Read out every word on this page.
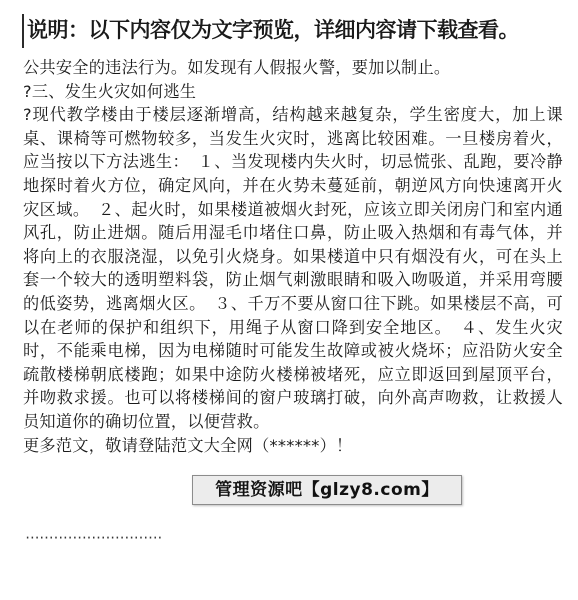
说明：以下内容仅为文字预览，详细内容请下载查看。

公共安全的违法行为。如发现有人假报火警，要加以制止。

?三、发生火灾如何逃生

?现代教学楼由于楼层逐渐增高，结构越来越复杂，学生密度大，加上课桌、课椅等可燃物较多，当发生火灾时，逃离比较困难。一旦楼房着火，应当按以下方法逃生：　１、当发现楼内失火时，切忌慌张、乱跑，要冷静地探时着火方位，确定风向，并在火势未蔓延前，朝逆风方向快速离开火灾区域。　２、起火时，如果楼道被烟火封死，应该立即关闭房门和室内通风孔，防止进烟。随后用湿毛巾堵住口鼻，防止吸入热烟和有毒气体，并将向上的衣服浇湿，以免引火烧身。如果楼道中只有烟没有火，可在头上套一个较大的透明塑料袋，防止烟气刺激眼睛和吸入吻吸道，并采用弯腰的低姿势，逃离烟火区。　３、千万不要从窗口往下跳。如果楼层不高，可以在老师的保护和组织下，用绳子从窗口降到安全地区。　４、发生火灾时，不能乘电梯，因为电梯随时可能发生故障或被火烧坏；应沿防火安全疏散楼梯朝底楼跑；如果中途防火楼梯被堵死，应立即返回到屋顶平台，并吻救求援。也可以将楼梯间的窗户玻璃打破，向外高声吻救，让救援人员知道你的确切位置，以便营救。

更多范文，敬请登陆范文大全网（******）！

·····························
管理资源吧【glzy8.com】
